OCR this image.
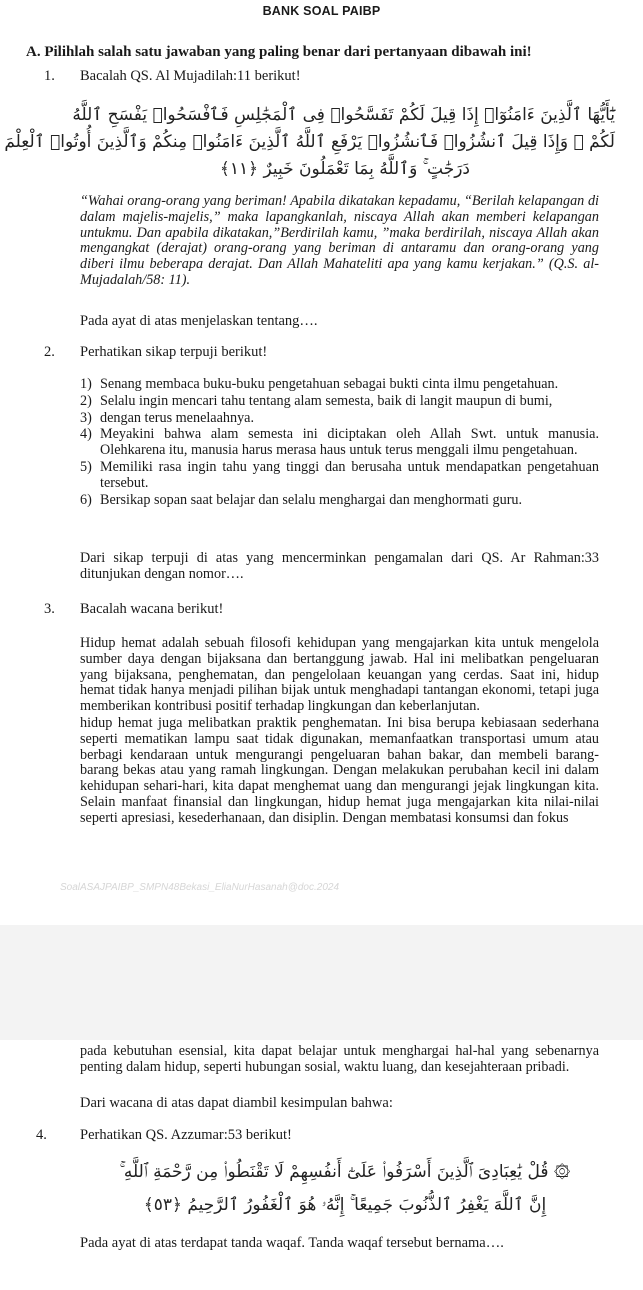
BANK SOAL PAIBP
A. Pilihlah salah satu jawaban yang paling benar dari pertanyaan dibawah ini!
1. Bacalah QS. Al Mujadilah:11 berikut!
يَٰٓأَيُّهَا ٱلَّذِينَ ءَامَنُوٓا۟ إِذَا قِيلَ لَكُمْ تَفَسَّحُوا۟ فِى ٱلْمَجَٰلِسِ فَٱفْسَحُوا۟ يَفْسَحِ ٱللَّهُ
لَكُمْ ۖ وَإِذَا قِيلَ ٱنشُزُوا۟ فَٱنشُزُوا۟ يَرْفَعِ ٱللَّهُ ٱلَّذِينَ ءَامَنُوا۟ مِنكُمْ وَٱلَّذِينَ أُوتُوا۟ ٱلْعِلْمَ
دَرَجَٰتٍ ۚ وَٱللَّهُ بِمَا تَعْمَلُونَ خَبِيرٌ ﴿١١﴾
“Wahai orang-orang yang beriman! Apabila dikatakan kepadamu, “Berilah kelapangan di dalam majelis-majelis,” maka lapangkanlah, niscaya Allah akan memberi kelapangan untukmu. Dan apabila dikatakan,”Berdirilah kamu, ”maka berdirilah, niscaya Allah akan mengangkat (derajat) orang-orang yang beriman di antaramu dan orang-orang yang diberi ilmu beberapa derajat. Dan Allah Mahateliti apa yang kamu kerjakan.” (Q.S. al-Mujadalah/58: 11).
Pada ayat di atas menjelaskan tentang….
2. Perhatikan sikap terpuji berikut!
1) Senang membaca buku-buku pengetahuan sebagai bukti cinta ilmu pengetahuan.
2) Selalu ingin mencari tahu tentang alam semesta, baik di langit maupun di bumi,
3) dengan terus menelaahnya.
4) Meyakini bahwa alam semesta ini diciptakan oleh Allah Swt. untuk manusia. Olehkarena itu, manusia harus merasa haus untuk terus menggali ilmu pengetahuan.
5) Memiliki rasa ingin tahu yang tinggi dan berusaha untuk mendapatkan pengetahuan tersebut.
6) Bersikap sopan saat belajar dan selalu menghargai dan menghormati guru.
Dari sikap terpuji di atas yang mencerminkan pengamalan dari QS. Ar Rahman:33 ditunjukan dengan nomor….
3. Bacalah wacana berikut!
Hidup hemat adalah sebuah filosofi kehidupan yang mengajarkan kita untuk mengelola sumber daya dengan bijaksana dan bertanggung jawab. Hal ini melibatkan pengeluaran yang bijaksana, penghematan, dan pengelolaan keuangan yang cerdas. Saat ini, hidup hemat tidak hanya menjadi pilihan bijak untuk menghadapi tantangan ekonomi, tetapi juga memberikan kontribusi positif terhadap lingkungan dan keberlanjutan.
hidup hemat juga melibatkan praktik penghematan. Ini bisa berupa kebiasaan sederhana seperti mematikan lampu saat tidak digunakan, memanfaatkan transportasi umum atau berbagi kendaraan untuk mengurangi pengeluaran bahan bakar, dan membeli barang-barang bekas atau yang ramah lingkungan. Dengan melakukan perubahan kecil ini dalam kehidupan sehari-hari, kita dapat menghemat uang dan mengurangi jejak lingkungan kita. Selain manfaat finansial dan lingkungan, hidup hemat juga mengajarkan kita nilai-nilai seperti apresiasi, kesederhanaan, dan disiplin. Dengan membatasi konsumsi dan fokus
SoalASAJPAIBP_SMPN48Bekasi_EliaNurHasanah@doc.2024
pada kebutuhan esensial, kita dapat belajar untuk menghargai hal-hal yang sebenarnya penting dalam hidup, seperti hubungan sosial, waktu luang, dan kesejahteraan pribadi.
Dari wacana di atas dapat diambil kesimpulan bahwa:
4. Perhatikan QS. Azzumar:53 berikut!
۞ قُلْ يَٰعِبَادِىَ ٱلَّذِينَ أَسْرَفُوا۟ عَلَىٰٓ أَنفُسِهِمْ لَا تَقْنَطُوا۟ مِن رَّحْمَةِ ٱللَّهِ ۚ
إِنَّ ٱللَّهَ يَغْفِرُ ٱلذُّنُوبَ جَمِيعًا ۚ إِنَّهُۥ هُوَ ٱلْغَفُورُ ٱلرَّحِيمُ ﴿٥٣﴾
Pada ayat di atas terdapat tanda waqaf. Tanda waqaf tersebut bernama….
